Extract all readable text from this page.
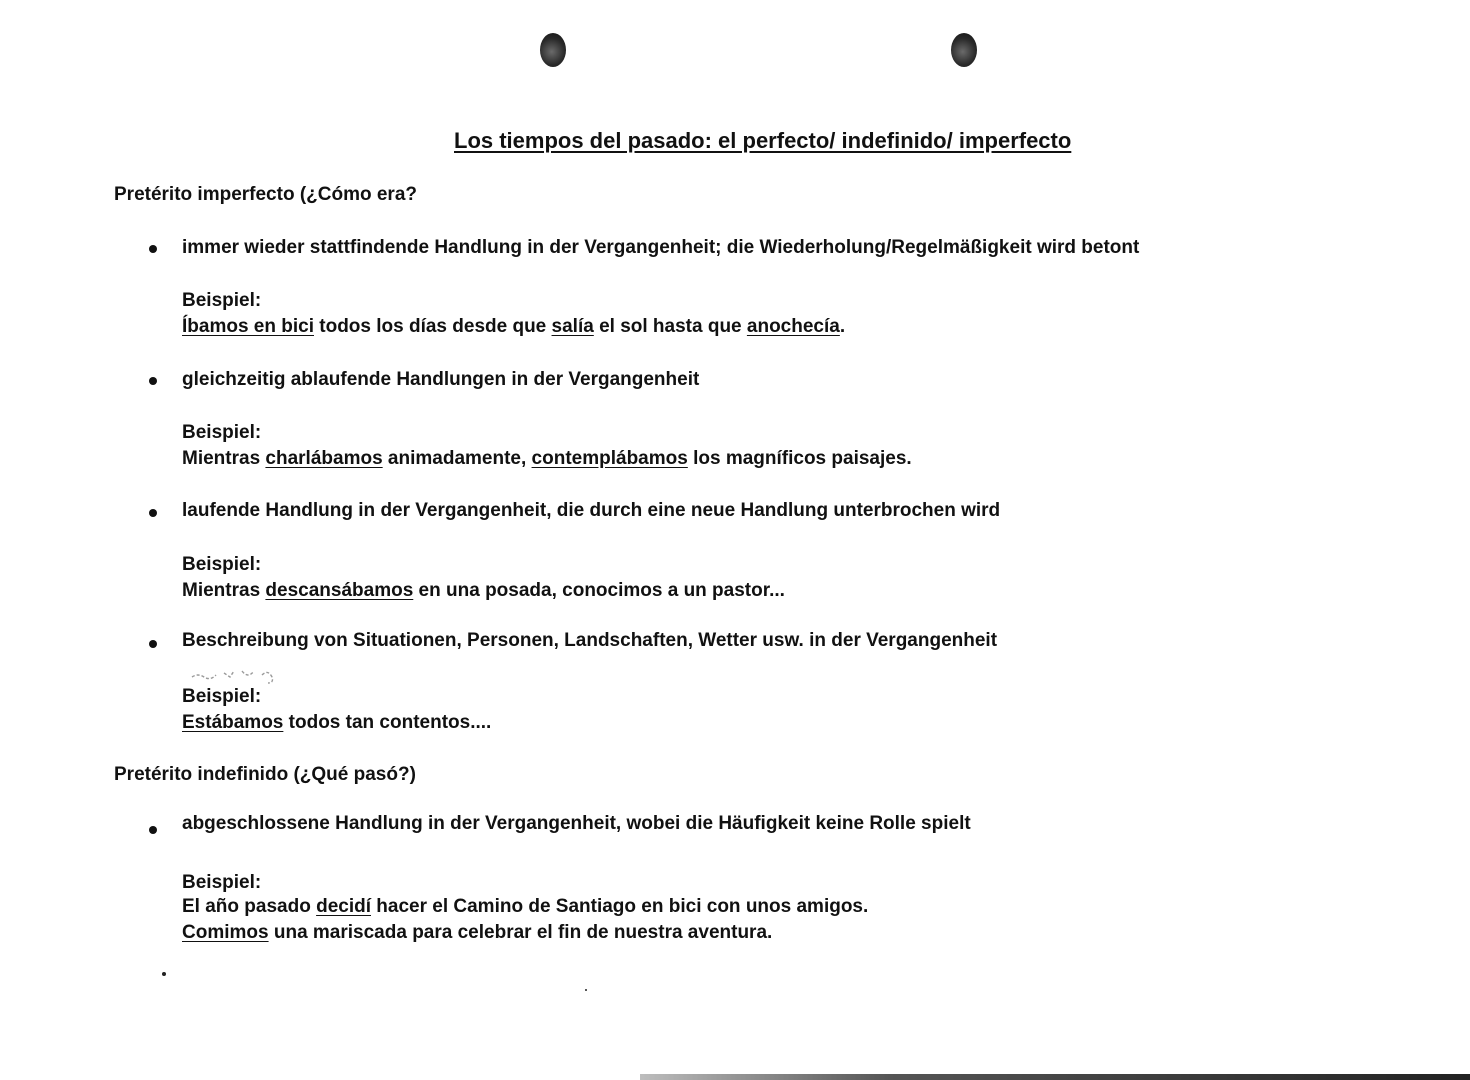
Los tiempos del pasado: el perfecto/ indefinido/ imperfecto
Pretérito imperfecto (¿Cómo era?
immer wieder stattfindende Handlung in der Vergangenheit; die Wiederholung/Regelmäßigkeit wird betont
Beispiel:
Íbamos en bici todos los días desde que salía el sol hasta que anochecía.
gleichzeitig ablaufende Handlungen in der Vergangenheit
Beispiel:
Mientras charlábamos animadamente, contemplábamos los magníficos paisajes.
laufende Handlung in der Vergangenheit, die durch eine neue Handlung unterbrochen wird
Beispiel:
Mientras descansábamos en una posada, conocimos a un pastor...
Beschreibung von Situationen, Personen, Landschaften, Wetter usw. in der Vergangenheit
Beispiel:
Estábamos todos tan contentos....
Pretérito indefinido (¿Qué pasó?)
abgeschlossene Handlung in der Vergangenheit, wobei die Häufigkeit keine Rolle spielt
Beispiel:
El año pasado decidí hacer el Camino de Santiago en bici con unos amigos.
Comimos una mariscada para celebrar el fin de nuestra aventura.
